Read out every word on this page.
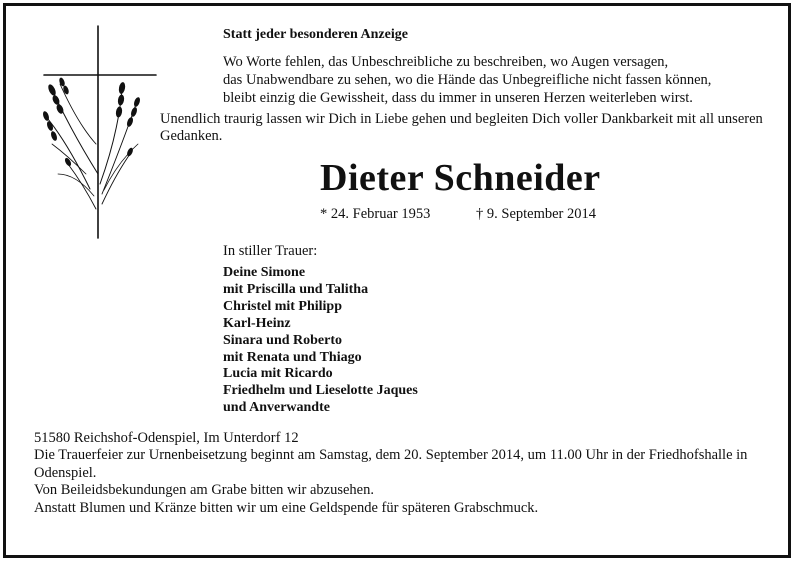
Statt jeder besonderen Anzeige
Wo Worte fehlen, das Unbeschreibliche zu beschreiben, wo Augen versagen,
das Unabwendbare zu sehen, wo die Hände das Unbegreifliche nicht fassen können,
bleibt einzig die Gewissheit, dass du immer in unseren Herzen weiterleben wirst.
Unendlich traurig lassen wir Dich in Liebe gehen und begleiten Dich voller Dankbarkeit mit all unseren
Gedanken.
Dieter Schneider
* 24. Februar 1953	† 9. September 2014
In stiller Trauer:
Deine Simone
mit Priscilla und Talitha
Christel mit Philipp
Karl-Heinz
Sinara und Roberto
mit Renata und Thiago
Lucia mit Ricardo
Friedhelm und Lieselotte Jaques
und Anverwandte
51580 Reichshof-Odenspiel, Im Unterdorf 12
Die Trauerfeier zur Urnenbeisetzung beginnt am Samstag, dem 20. September 2014, um 11.00 Uhr in der Friedhofshalle in
Odenspiel.
Von Beileidsbekundungen am Grabe bitten wir abzusehen.
Anstatt Blumen und Kränze bitten wir um eine Geldspende für späteren Grabschmuck.
